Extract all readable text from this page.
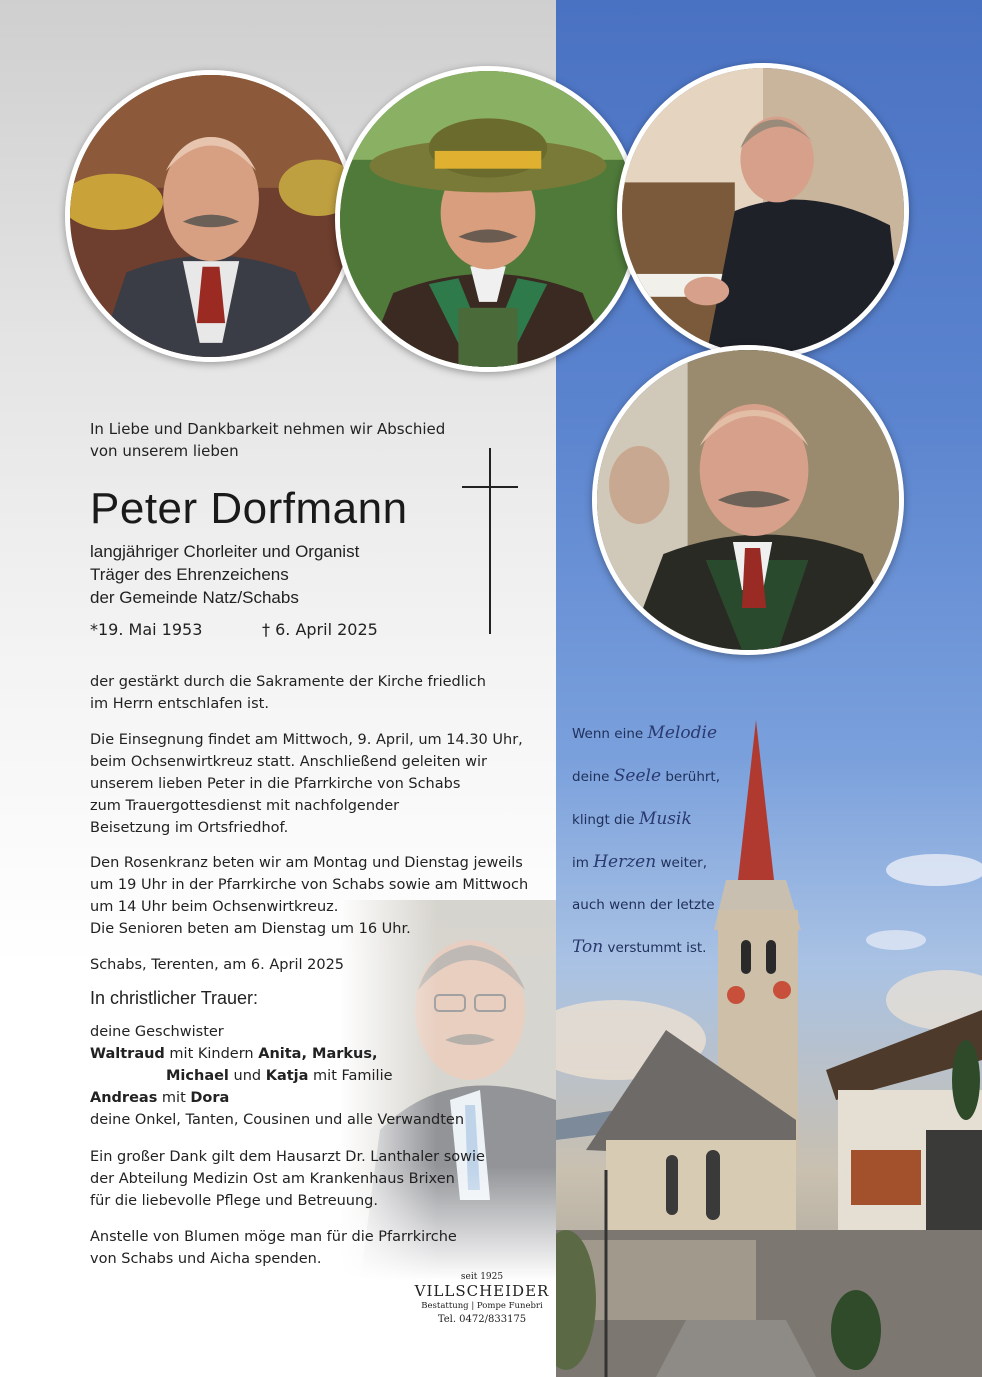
In Liebe und Dankbarkeit nehmen wir Abschied
von unserem lieben
Peter Dorfmann
langjähriger Chorleiter und Organist
Träger des Ehrenzeichens
der Gemeinde Natz/Schabs
*19. Mai 1953	† 6. April 2025

der gestärkt durch die Sakramente der Kirche friedlich

im Herrn entschlafen ist.

Die Einsegnung findet am Mittwoch, 9. April, um 14.30 Uhr,

beim Ochsenwirtkreuz statt. Anschließend geleiten wir

unserem lieben Peter in die Pfarrkirche von Schabs

zum Trauergottesdienst mit nachfolgender

Beisetzung im Ortsfriedhof.

Den Rosenkranz beten wir am Montag und Dienstag jeweils

um 19 Uhr in der Pfarrkirche von Schabs sowie am Mittwoch

um 14 Uhr beim Ochsenwirtkreuz.

Die Senioren beten am Dienstag um 16 Uhr.

Schabs, Terenten, am 6. April 2025
In christlicher Trauer:

deine Geschwister

Waltraud mit Kindern Anita, Markus,

Michael und Katja mit Familie

Andreas mit Dora

deine Onkel, Tanten, Cousinen und alle Verwandten

Ein großer Dank gilt dem Hausarzt Dr. Lanthaler sowie

der Abteilung Medizin Ost am Krankenhaus Brixen

für die liebevolle Pflege und Betreuung.

Anstelle von Blumen möge man für die Pfarrkirche

von Schabs und Aicha spenden.

Wenn eine Melodie
deine Seele berührt,
klingt die Musik
im Herzen weiter,
auch wenn der letzte
Ton verstummt ist.
seit 1925
VILLSCHEIDER
Bestattung | Pompe Funebri
Tel. 0472/833175
